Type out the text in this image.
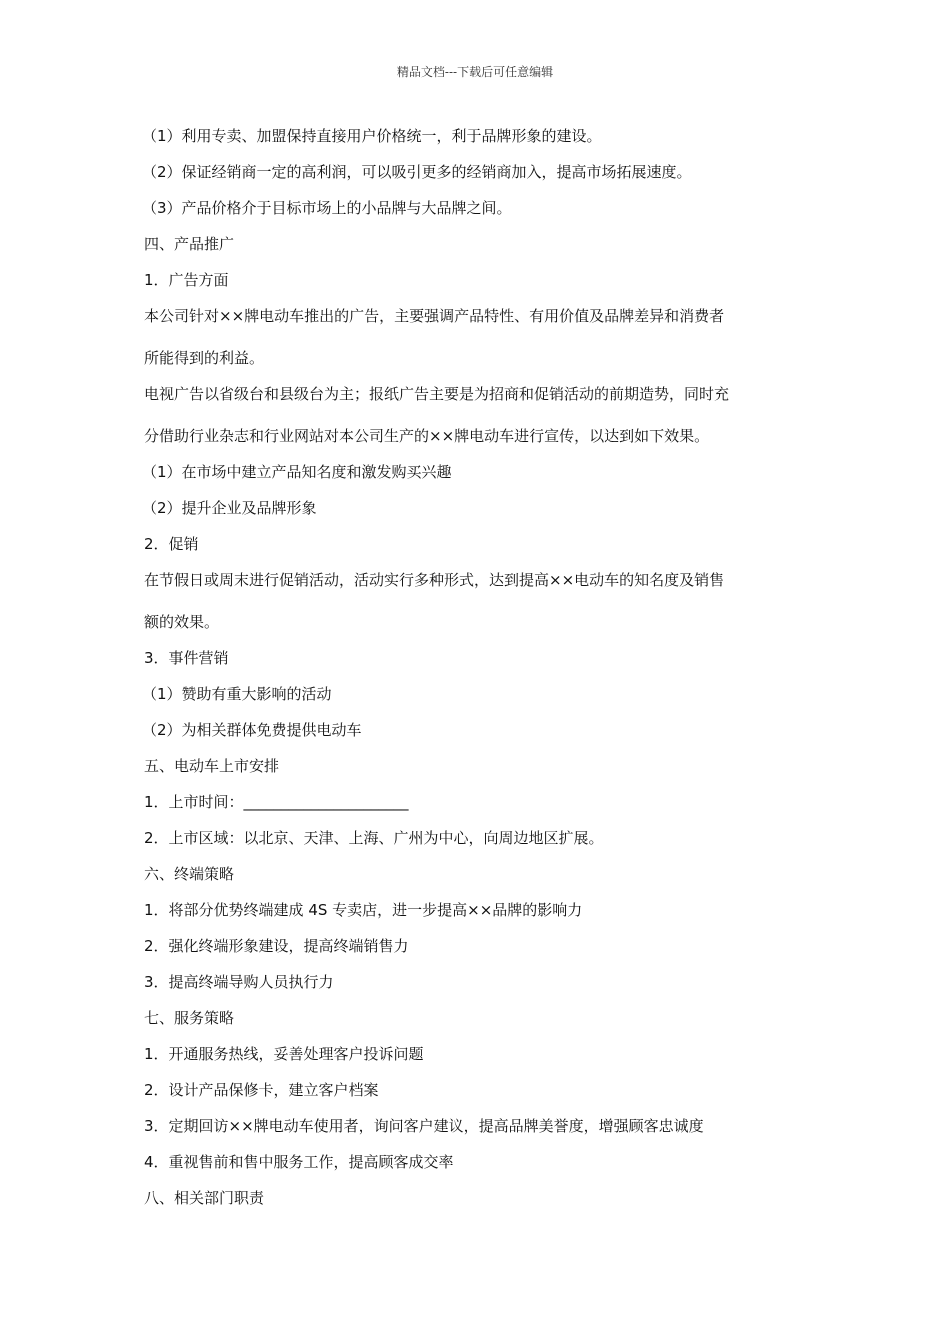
精品文档---下载后可任意编辑
（1）利用专卖、加盟保持直接用户价格统一，利于品牌形象的建设。
（2）保证经销商一定的高利润，可以吸引更多的经销商加入，提高市场拓展速度。
（3）产品价格介于目标市场上的小品牌与大品牌之间。
四、产品推广
1．广告方面
本公司针对××牌电动车推出的广告，主要强调产品特性、有用价值及品牌差异和消费者
所能得到的利益。
电视广告以省级台和县级台为主；报纸广告主要是为招商和促销活动的前期造势，同时充
分借助行业杂志和行业网站对本公司生产的××牌电动车进行宣传，以达到如下效果。
（1）在市场中建立产品知名度和激发购买兴趣
（2）提升企业及品牌形象
2．促销
在节假日或周末进行促销活动，活动实行多种形式，达到提高××电动车的知名度及销售
额的效果。
3．事件营销
（1）赞助有重大影响的活动
（2）为相关群体免费提供电动车
五、电动车上市安排
1．上市时间：______________________
2．上市区域：以北京、天津、上海、广州为中心，向周边地区扩展。
六、终端策略
1．将部分优势终端建成 4S 专卖店，进一步提高××品牌的影响力
2．强化终端形象建设，提高终端销售力
3．提高终端导购人员执行力
七、服务策略
1．开通服务热线，妥善处理客户投诉问题
2．设计产品保修卡，建立客户档案
3．定期回访××牌电动车使用者，询问客户建议，提高品牌美誉度，增强顾客忠诚度
4．重视售前和售中服务工作，提高顾客成交率
八、相关部门职责
